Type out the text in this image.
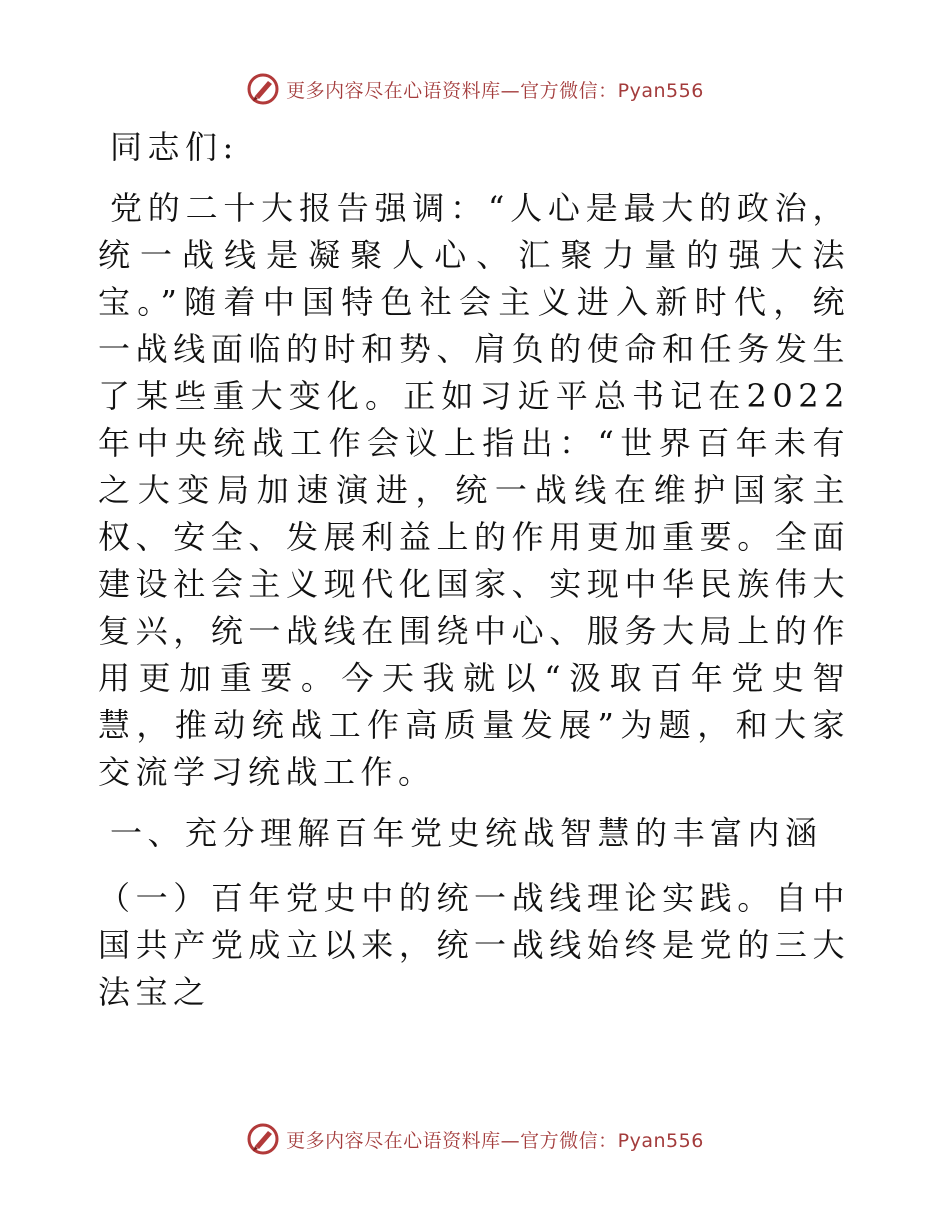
更多内容尽在心语资料库—官方微信：Pyan556

同志们:

党的二十大报告强调：“人心是最大的政治，统一战线是凝聚人心、汇聚力量的强大法宝。”随着中国特色社会主义进入新时代，统一战线面临的时和势、肩负的使命和任务发生了某些重大变化。正如习近平总书记在2022年中央统战工作会议上指出：“世界百年未有之大变局加速演进，统一战线在维护国家主权、安全、发展利益上的作用更加重要。全面建设社会主义现代化国家、实现中华民族伟大复兴，统一战线在围绕中心、服务大局上的作用更加重要。今天我就以“汲取百年党史智慧，推动统战工作高质量发展”为题，和大家交流学习统战工作。

一、充分理解百年党史统战智慧的丰富内涵

（一）百年党史中的统一战线理论实践。自中国共产党成立以来，统一战线始终是党的三大法宝之

更多内容尽在心语资料库—官方微信：Pyan556
